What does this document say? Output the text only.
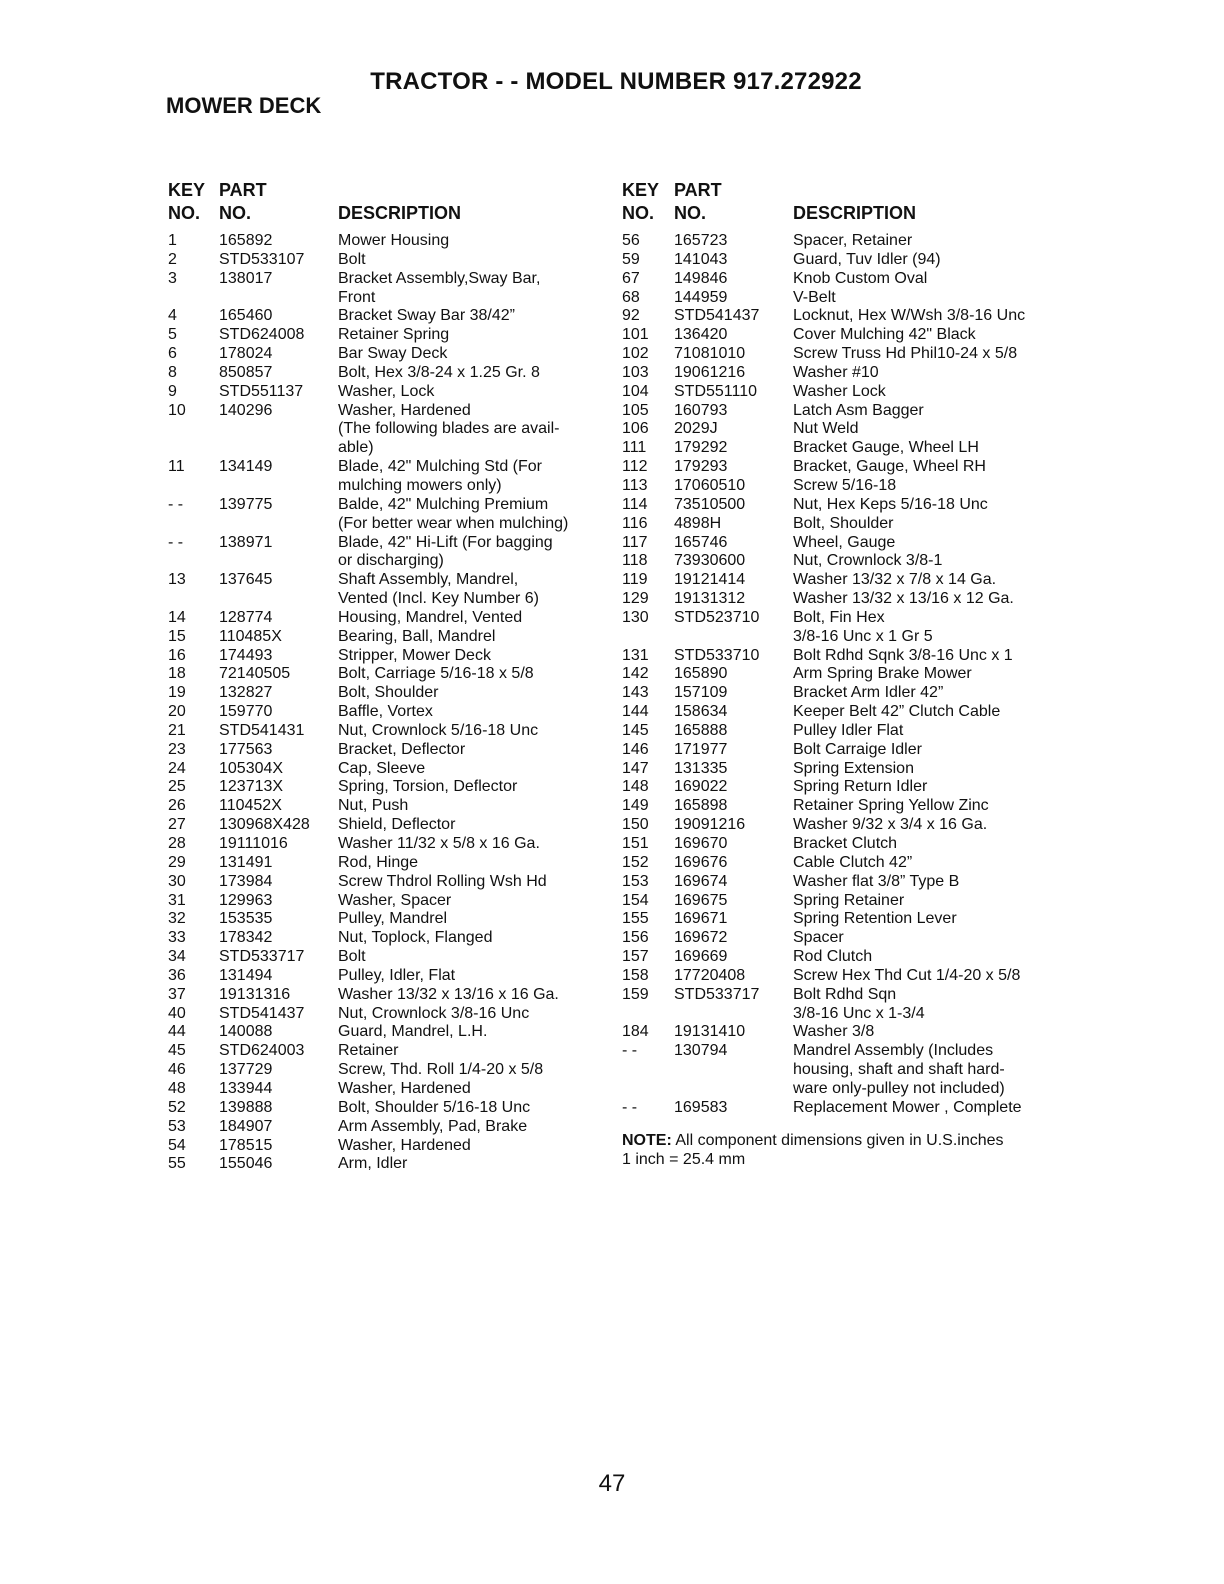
TRACTOR - - MODEL NUMBER 917.272922
MOWER DECK
KEY PART
NO. NO.	DESCRIPTION
1	165892	Mower Housing
2	STD533107 Bolt
3	138017	Bracket Assembly,Sway Bar,
Front
4	165460	Bracket Sway Bar 38/42”
5	STD624008 Retainer Spring
6	178024	Bar Sway Deck
8	850857	Bolt, Hex 3/8-24 x 1.25 Gr. 8
9	STD551137 Washer, Lock
10 140296	Washer, Hardened
(The following blades are avail-
able)
11 134149	Blade, 42" Mulching Std (For
mulching mowers only)
- - 139775	Balde, 42" Mulching Premium
(For better wear when mulching)
- - 138971	Blade, 42" Hi-Lift (For bagging
or discharging)
13 137645	Shaft Assembly, Mandrel,
Vented (Incl. Key Number 6)
14 128774	Housing, Mandrel, Vented
15 110485X	Bearing, Ball, Mandrel
16 174493	Stripper, Mower Deck
18 72140505	Bolt, Carriage 5/16-18 x 5/8
19 132827	Bolt, Shoulder
20 159770	Baffle, Vortex
21 STD541431 Nut, Crownlock 5/16-18 Unc
23 177563	Bracket, Deflector
24 105304X	Cap, Sleeve
25 123713X	Spring, Torsion, Deflector
26 110452X	Nut, Push
27 130968X428 Shield, Deflector
28 19111016	Washer 11/32 x 5/8 x 16 Ga.
29 131491	Rod, Hinge
30 173984	Screw Thdrol Rolling Wsh Hd
31 129963	Washer, Spacer
32 153535	Pulley, Mandrel
33 178342	Nut, Toplock, Flanged
34 STD533717 Bolt
36 131494	Pulley, Idler, Flat
37 19131316	Washer 13/32 x 13/16 x 16 Ga.
40 STD541437 Nut, Crownlock 3/8-16 Unc
44 140088	Guard, Mandrel, L.H.
45 STD624003 Retainer
46 137729	Screw, Thd. Roll 1/4-20 x 5/8
48 133944	Washer, Hardened
52 139888	Bolt, Shoulder 5/16-18 Unc
53 184907	Arm Assembly, Pad, Brake
54 178515	Washer, Hardened
55 155046	Arm, Idler
KEY PART
NO. NO.	DESCRIPTION
56 165723	Spacer, Retainer
59 141043	Guard, Tuv Idler (94)
67 149846	Knob Custom Oval
68 144959	V-Belt
92 STD541437 Locknut, Hex W/Wsh 3/8-16 Unc
101 136420	Cover Mulching 42" Black
102 71081010	Screw Truss Hd Phil10-24 x 5/8
103 19061216	Washer #10
104 STD551110 Washer Lock
105 160793	Latch Asm Bagger
106 2029J	Nut Weld
111 179292	Bracket Gauge, Wheel LH
112 179293	Bracket, Gauge, Wheel RH
113 17060510	Screw 5/16-18
114 73510500	Nut, Hex Keps 5/16-18 Unc
116 4898H	Bolt, Shoulder
117 165746	Wheel, Gauge
118 73930600	Nut, Crownlock 3/8-1
119 19121414	Washer 13/32 x 7/8 x 14 Ga.
129 19131312	Washer 13/32 x 13/16 x 12 Ga.
130 STD523710 Bolt, Fin Hex
3/8-16 Unc x 1 Gr 5
131 STD533710 Bolt Rdhd Sqnk 3/8-16 Unc x 1
142 165890	Arm Spring Brake Mower
143 157109	Bracket Arm Idler 42”
144 158634	Keeper Belt 42” Clutch Cable
145 165888	Pulley Idler Flat
146 171977	Bolt Carraige Idler
147 131335	Spring Extension
148 169022	Spring Return Idler
149 165898	Retainer Spring Yellow Zinc
150 19091216	Washer 9/32 x 3/4 x 16 Ga.
151 169670	Bracket Clutch
152 169676	Cable Clutch 42”
153 169674	Washer flat 3/8” Type B
154 169675	Spring Retainer
155 169671	Spring Retention Lever
156 169672	Spacer
157 169669	Rod Clutch
158 17720408	Screw Hex Thd Cut 1/4-20 x 5/8
159 STD533717 Bolt Rdhd Sqn
3/8-16 Unc x 1-3/4
184 19131410	Washer 3/8
- - 130794	Mandrel Assembly (Includes
housing, shaft and shaft hard-
ware only-pulley not included)
- - 169583	Replacement Mower , Complete
NOTE: All component dimensions given in U.S.inches
1 inch = 25.4 mm
47
